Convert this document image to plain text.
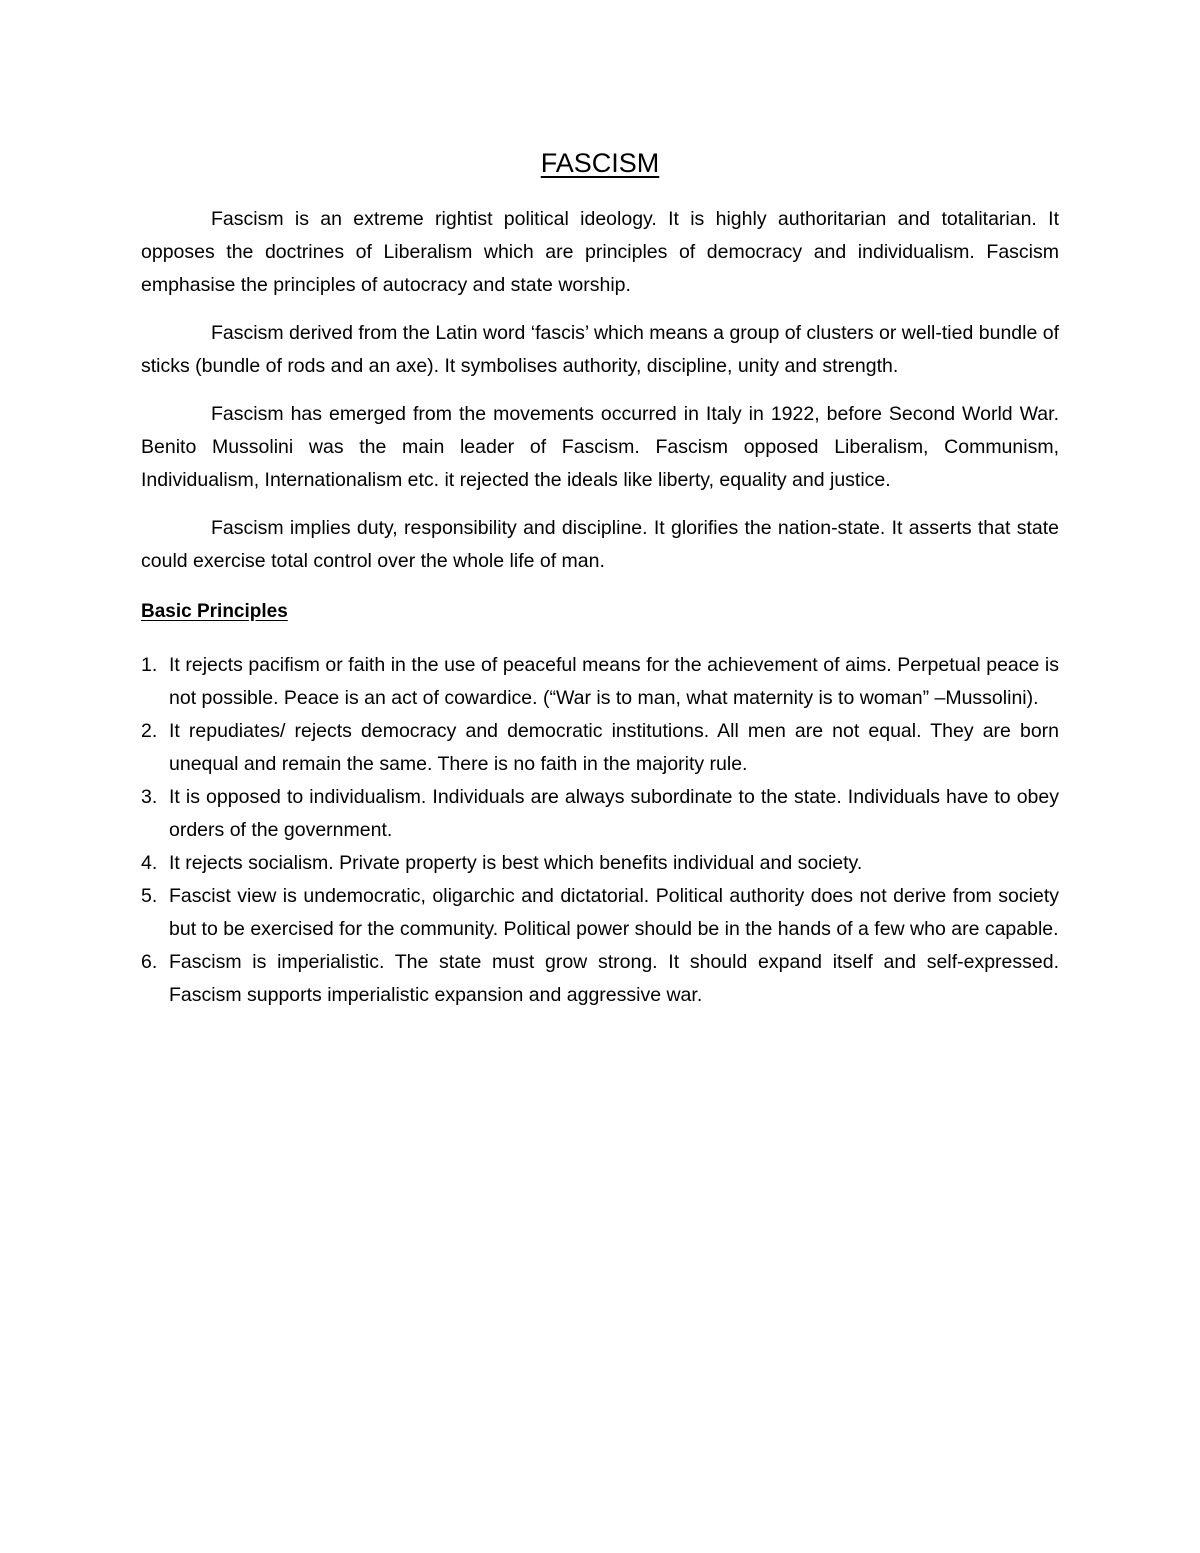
FASCISM

Fascism is an extreme rightist political ideology. It is highly authoritarian and totalitarian. It opposes the doctrines of Liberalism which are principles of democracy and individualism. Fascism emphasise the principles of autocracy and state worship.

Fascism derived from the Latin word ‘fascis’ which means a group of clusters or well-tied bundle of sticks (bundle of rods and an axe). It symbolises authority, discipline, unity and strength.

Fascism has emerged from the movements occurred in Italy in 1922, before Second World War. Benito Mussolini was the main leader of Fascism. Fascism opposed Liberalism, Communism, Individualism, Internationalism etc. it rejected the ideals like liberty, equality and justice.

Fascism implies duty, responsibility and discipline. It glorifies the nation-state. It asserts that state could exercise total control over the whole life of man.

Basic Principles
1. It rejects pacifism or faith in the use of peaceful means for the achievement of aims. Perpetual peace is not possible. Peace is an act of cowardice. (“War is to man, what maternity is to woman” –Mussolini).
2. It repudiates/ rejects democracy and democratic institutions. All men are not equal. They are born unequal and remain the same. There is no faith in the majority rule.
3. It is opposed to individualism. Individuals are always subordinate to the state. Individuals have to obey orders of the government.
4. It rejects socialism. Private property is best which benefits individual and society.
5. Fascist view is undemocratic, oligarchic and dictatorial. Political authority does not derive from society but to be exercised for the community. Political power should be in the hands of a few who are capable.
6. Fascism is imperialistic. The state must grow strong. It should expand itself and self-expressed. Fascism supports imperialistic expansion and aggressive war.
